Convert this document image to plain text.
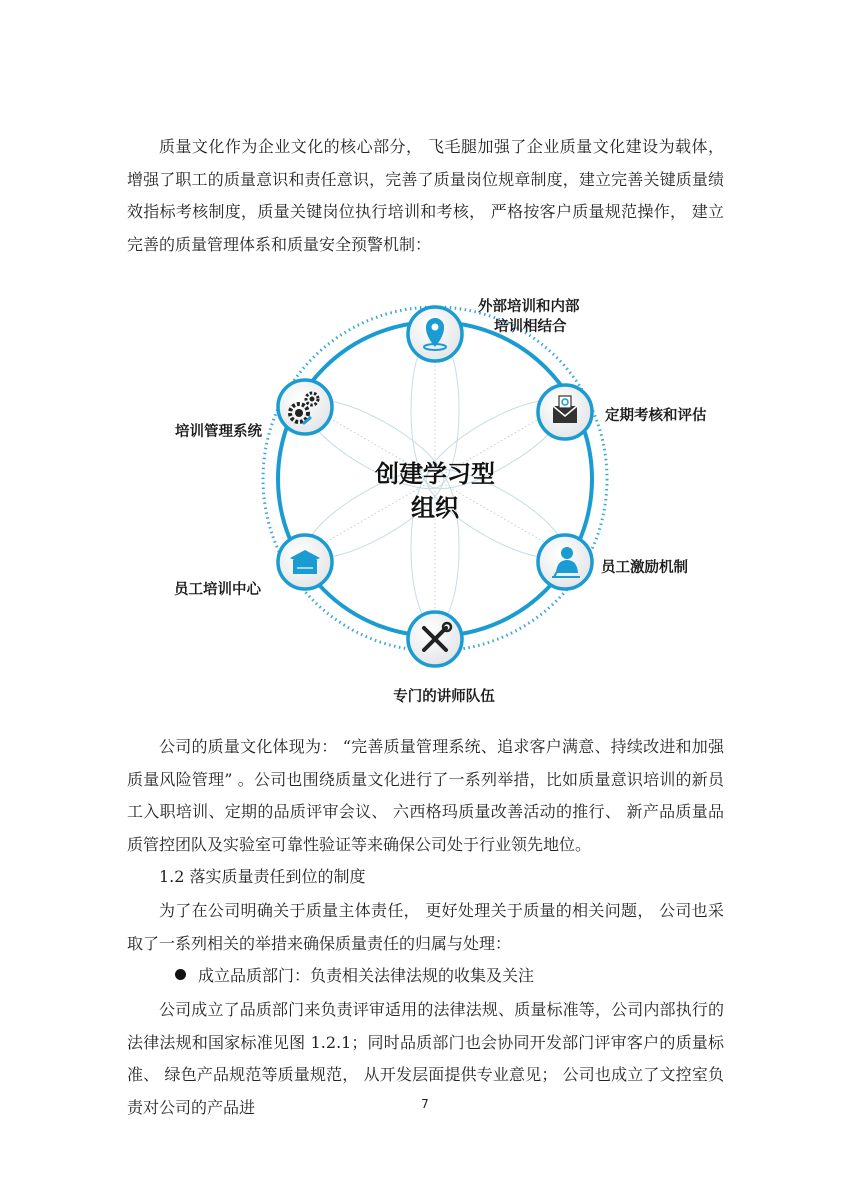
质量文化作为企业文化的核心部分， 飞毛腿加强了企业质量文化建设为载体， 增强了职工的质量意识和责任意识，完善了质量岗位规章制度，建立完善关键质量绩效指标考核制度，质量关键岗位执行培训和考核， 严格按客户质量规范操作， 建立完善的质量管理体系和质量安全预警机制：

创建学习型
组织
外部培训和内部
培训相结合
定期考核和评估
员工激励机制
专门的讲师队伍
员工培训中心
培训管理系统

公司的质量文化体现为： “完善质量管理系统、追求客户满意、持续改进和加强质量风险管理” 。公司也围绕质量文化进行了一系列举措，比如质量意识培训的新员工入职培训、定期的品质评审会议、 六西格玛质量改善活动的推行、 新产品质量品质管控团队及实验室可靠性验证等来确保公司处于行业领先地位。

1.2 落实质量责任到位的制度

为了在公司明确关于质量主体责任， 更好处理关于质量的相关问题， 公司也采取了一系列相关的举措来确保质量责任的归属与处理：

成立品质部门：负责相关法律法规的收集及关注

公司成立了品质部门来负责评审适用的法律法规、质量标准等，公司内部执行的法律法规和国家标准见图 1.2.1；同时品质部门也会协同开发部门评审客户的质量标准、 绿色产品规范等质量规范， 从开发层面提供专业意见； 公司也成立了文控室负责对公司的产品进	7
